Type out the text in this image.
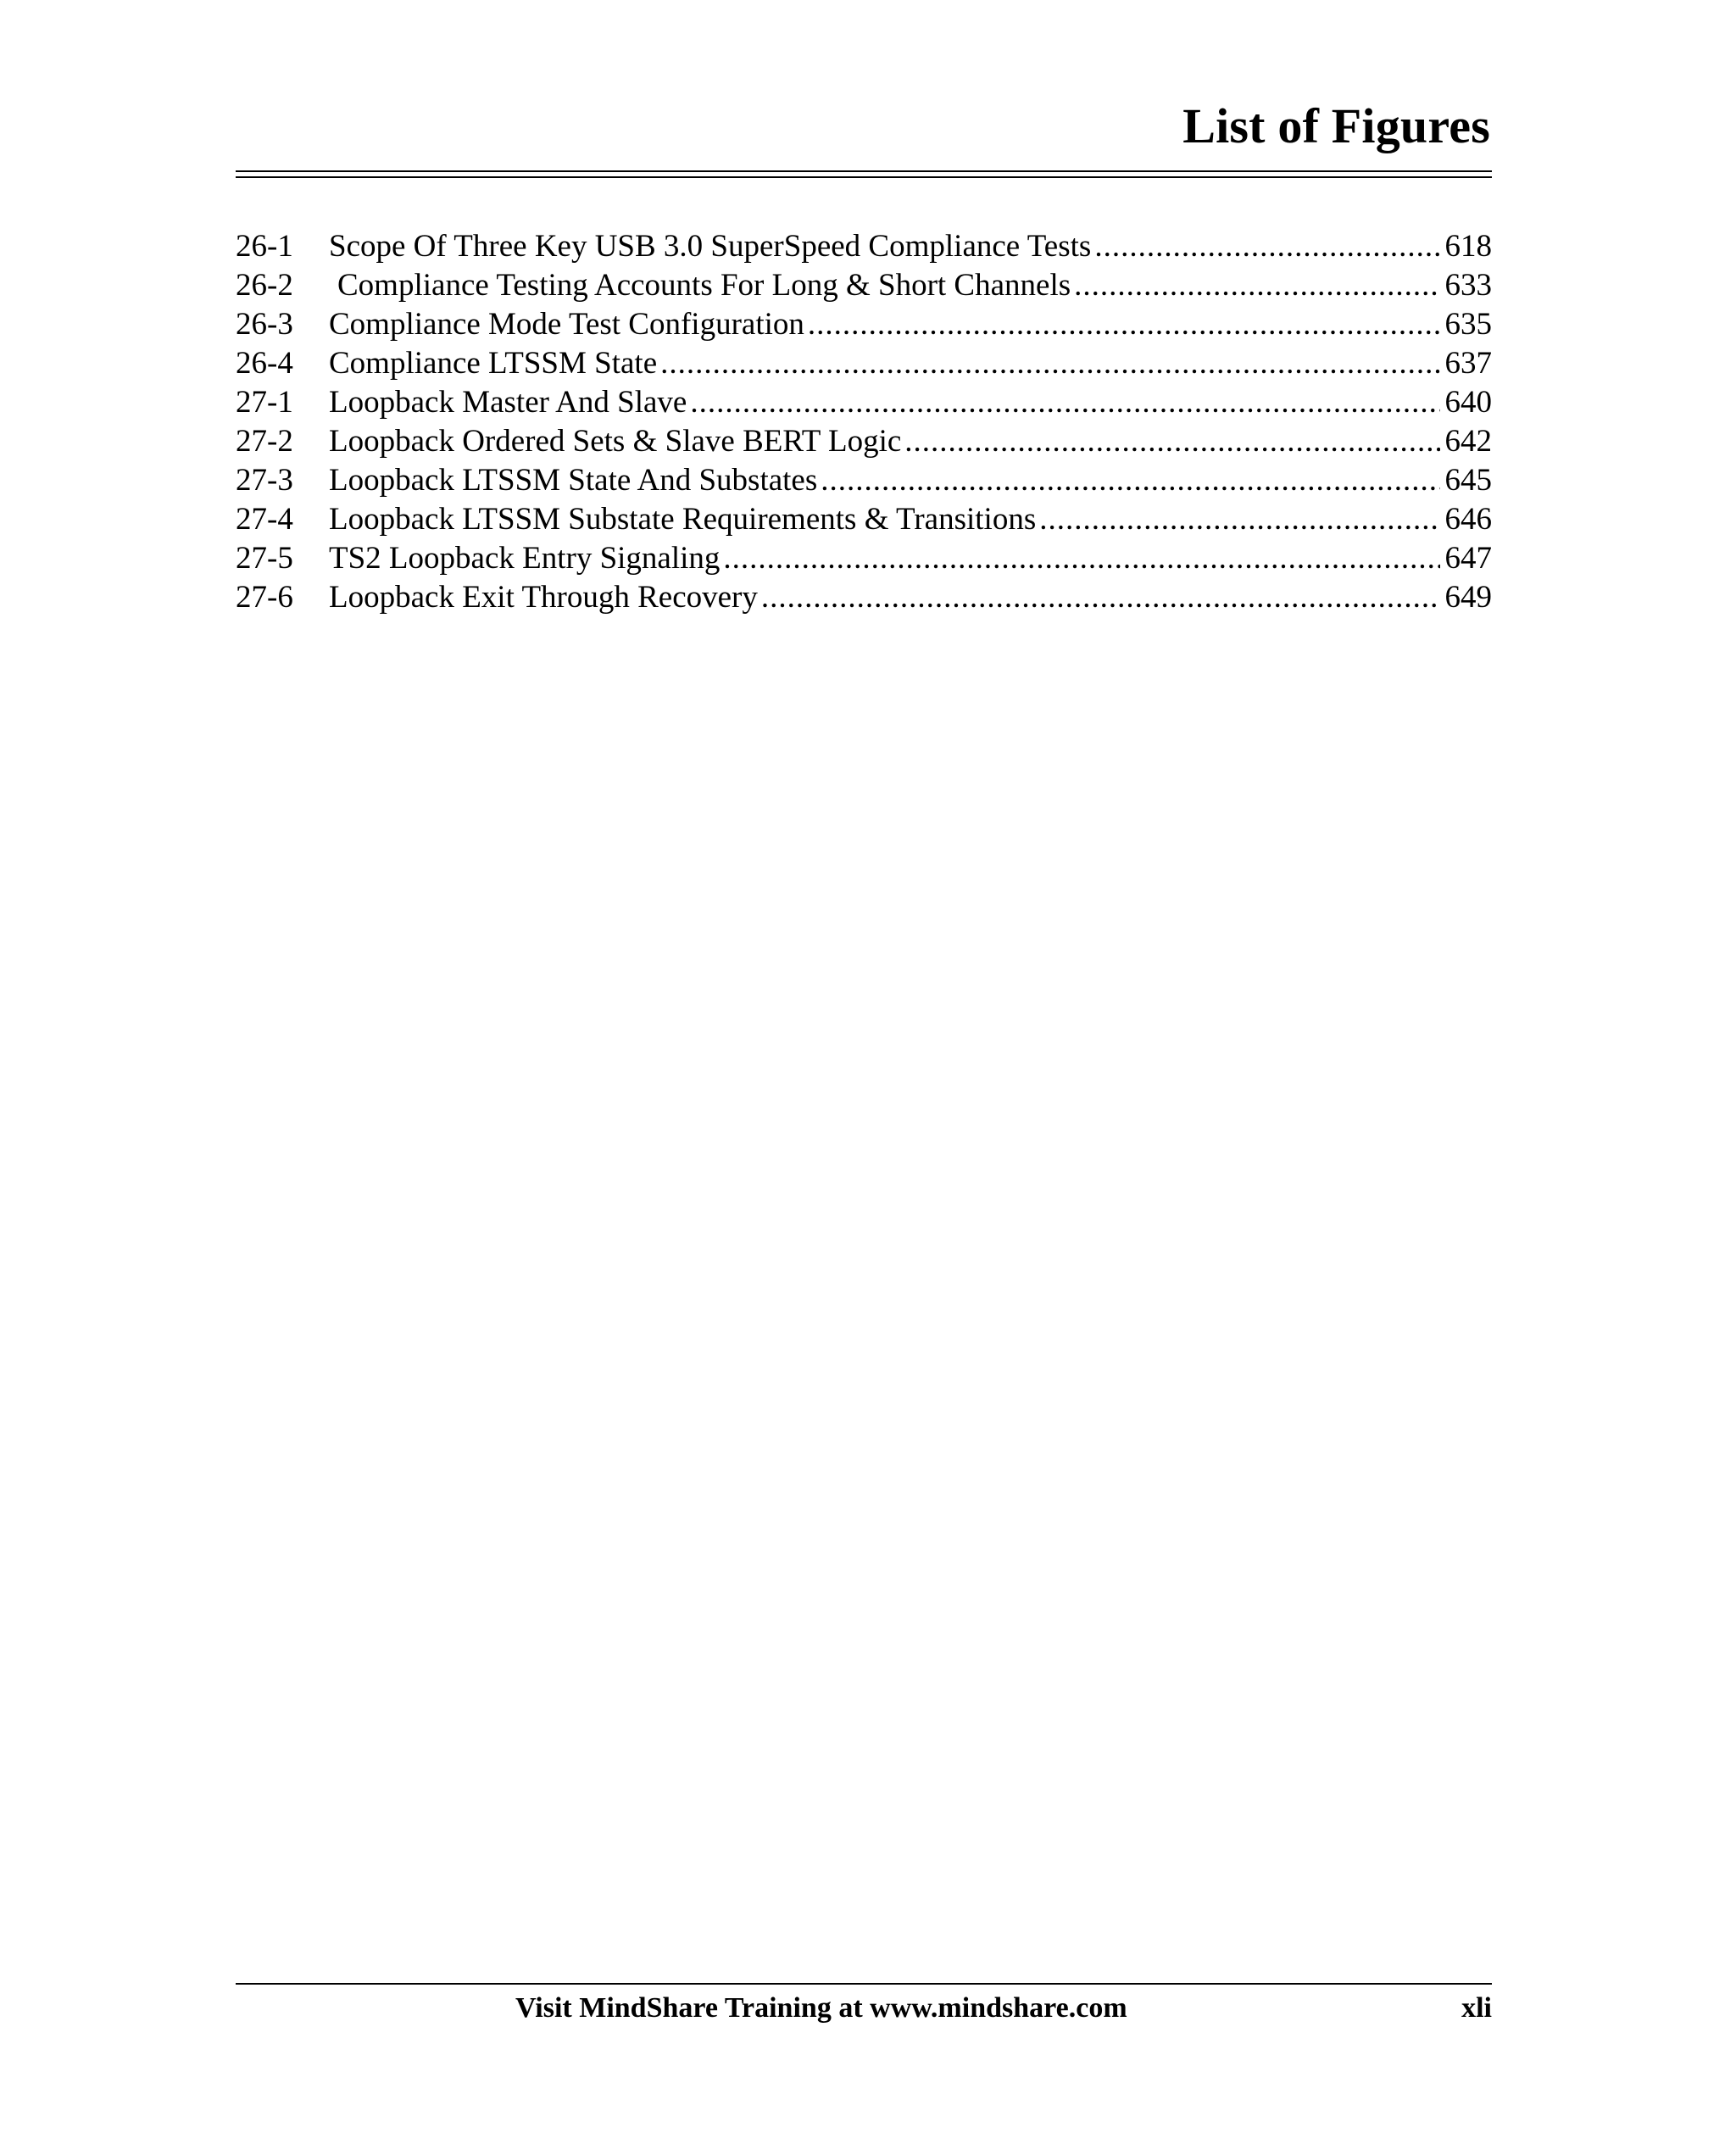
List of Figures
26-1	Scope Of Three Key USB 3.0 SuperSpeed Compliance Tests .....	618
26-2	Compliance Testing Accounts For Long & Short Channels .....	633
26-3	Compliance Mode Test Configuration .....	635
26-4	Compliance LTSSM State .....	637
27-1	Loopback Master And Slave .....	640
27-2	Loopback Ordered Sets & Slave BERT Logic .....	642
27-3	Loopback LTSSM State And Substates .....	645
27-4	Loopback LTSSM Substate Requirements & Transitions .....	646
27-5	TS2 Loopback Entry Signaling .....	647
27-6	Loopback Exit Through Recovery .....	649
Visit MindShare Training at www.mindshare.com	xli
